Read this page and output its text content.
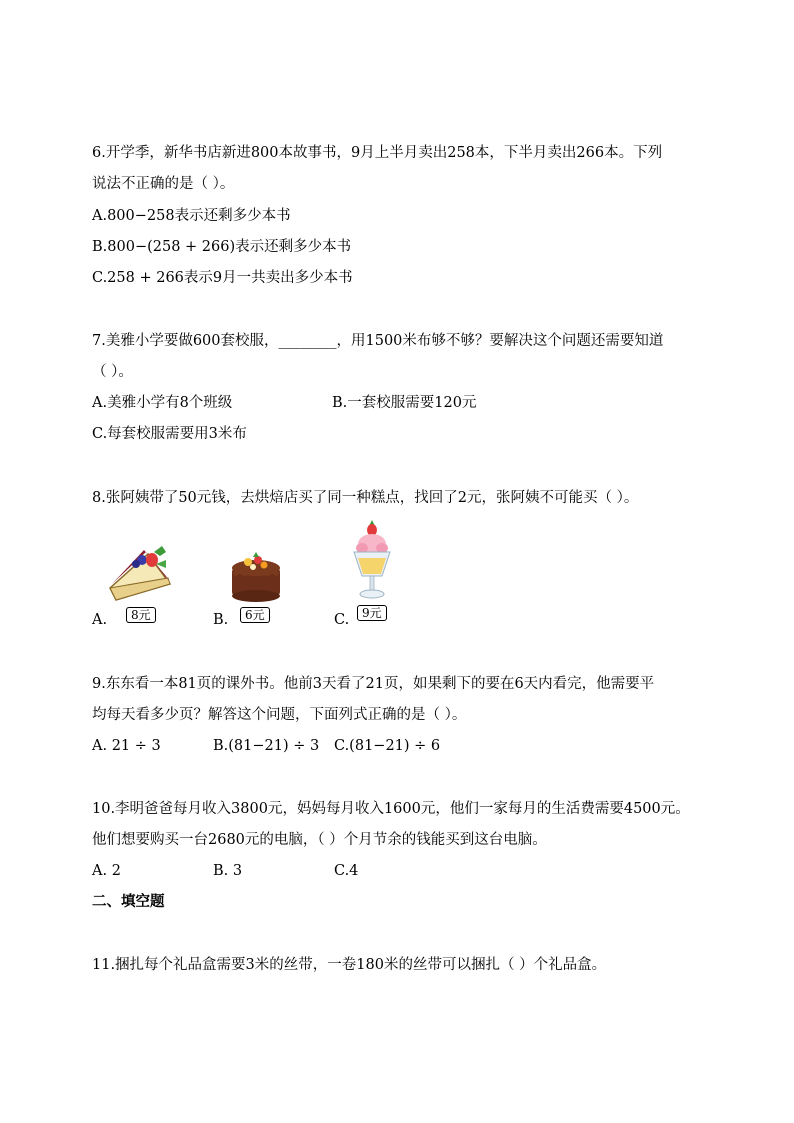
6.开学季，新华书店新进800本故事书，9月上半月卖出258本，下半月卖出266本。下列
说法不正确的是（ ）。
A.800−258表示还剩多少本书
B.800−(258 + 266)表示还剩多少本书
C.258 + 266表示9月一共卖出多少本书
7.美雅小学要做600套校服，________，用1500米布够不够？要解决这个问题还需要知道
（ ）。
A.美雅小学有8个班级	B.一套校服需要120元
C.每套校服需要用3米布
8.张阿姨带了50元钱，去烘焙店买了同一种糕点，找回了2元，张阿姨不可能买（ ）。
A.	8元	B.	6元	C.	9元
9.东东看一本81页的课外书。他前3天看了21页，如果剩下的要在6天内看完，他需要平
均每天看多少页？解答这个问题，下面列式正确的是（ ）。
A. 21 ÷ 3	B.(81−21) ÷ 3 C.(81−21) ÷ 6
10.李明爸爸每月收入3800元，妈妈每月收入1600元，他们一家每月的生活费需要4500元。
他们想要购买一台2680元的电脑，（ ）个月节余的钱能买到这台电脑。
A. 2	B. 3	C.4
二、填空题
11.捆扎每个礼品盒需要3米的丝带，一卷180米的丝带可以捆扎（ ）个礼品盒。
